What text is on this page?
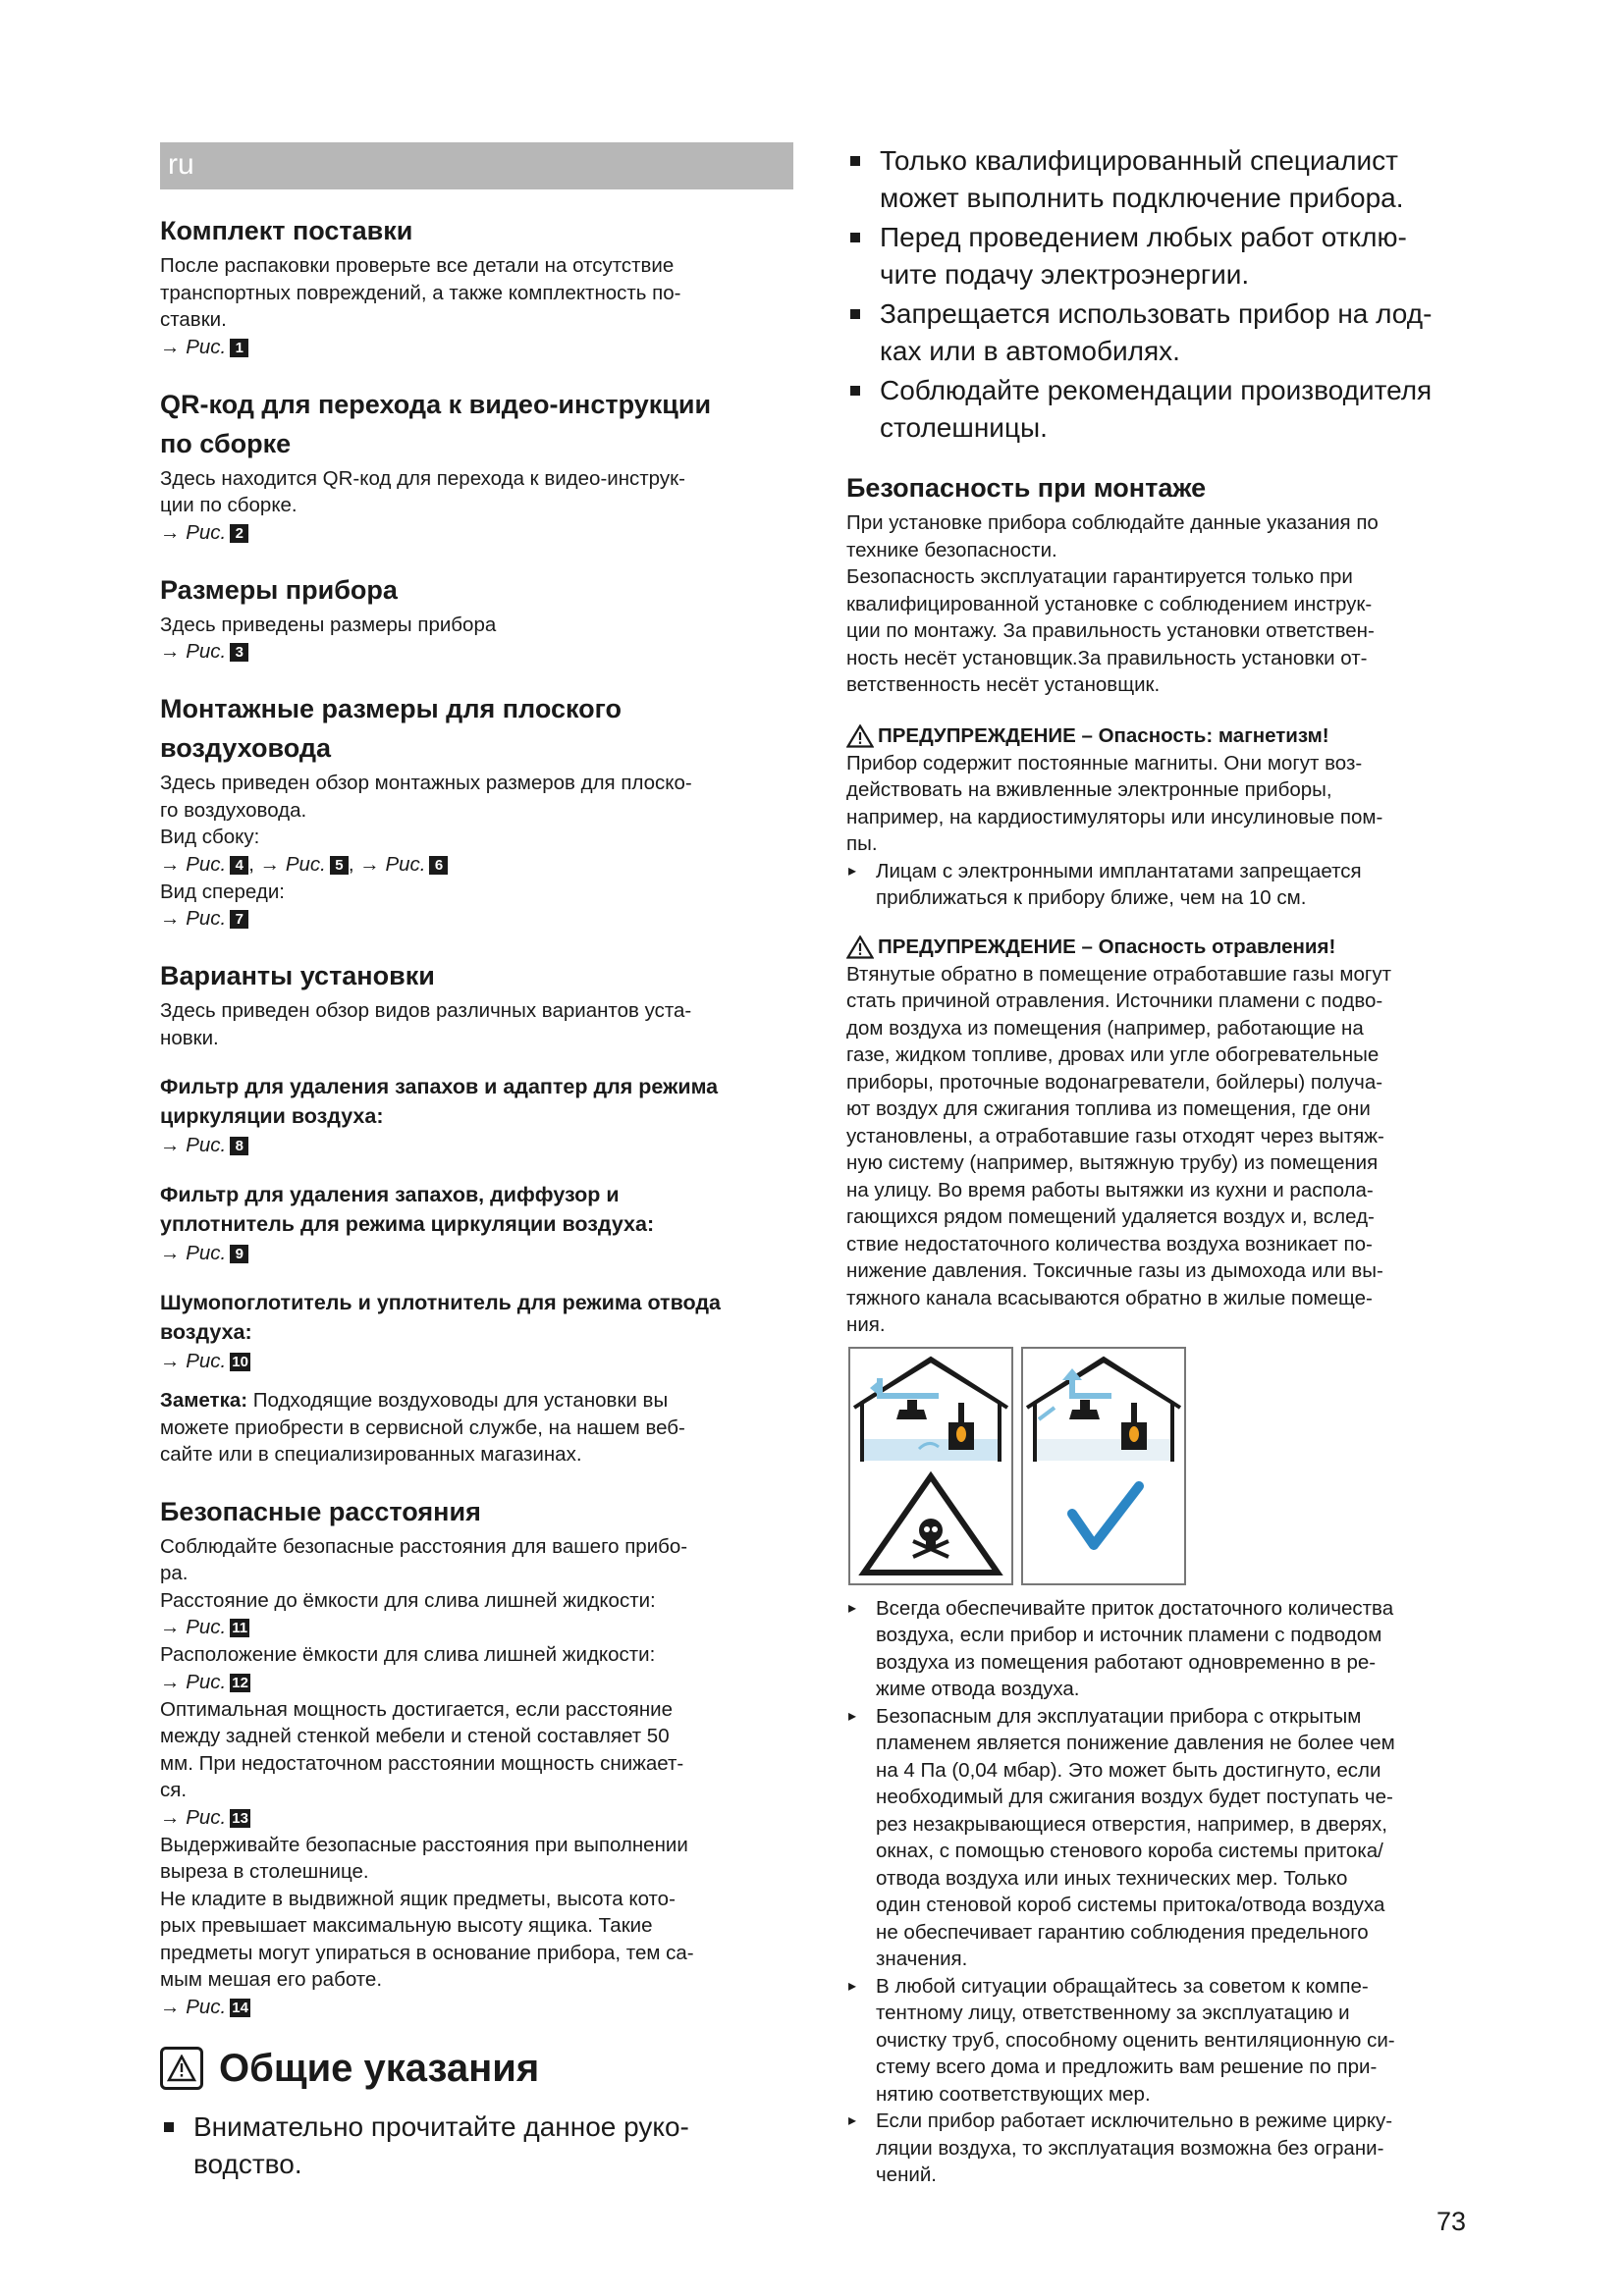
ru
Комплект поставки

После распаковки проверьте все детали на отсутствие

транспортных повреждений, а также комплектность по-

ставки.

→ Рис. 1
QR-код для перехода к видео-инструкции
по сборке

Здесь находится QR-код для перехода к видео-инструк-

ции по сборке.

→ Рис. 2
Размеры прибора

Здесь приведены размеры прибора

→ Рис. 3
Монтажные размеры для плоского
воздуховода

Здесь приведен обзор монтажных размеров для плоско-

го воздуховода.

Вид сбоку:

→ Рис. 4 , → Рис. 5 , → Рис. 6

Вид спереди:

→ Рис. 7
Варианты установки

Здесь приведен обзор видов различных вариантов уста-

новки.

Фильтр для удаления запахов и адаптер для режима
циркуляции воздуха:
→ Рис. 8
Фильтр для удаления запахов, диффузор и
уплотнитель для режима циркуляции воздуха:
→ Рис. 9
Шумопоглотитель и уплотнитель для режима отвода
воздуха:
→ Рис. 10

Заметка: Подходящие воздуховоды для установки вы

можете приобрести в сервисной службе, на нашем веб-

сайте или в специализированных магазинах.

Безопасные расстояния

Соблюдайте безопасные расстояния для вашего прибо-

ра.

Расстояние до ёмкости для слива лишней жидкости:

→ Рис. 11

Расположение ёмкости для слива лишней жидкости:

→ Рис. 12

Оптимальная мощность достигается, если расстояние

между задней стенкой мебели и стеной составляет 50

мм. При недостаточном расстоянии мощность снижает-

ся.

→ Рис. 13

Выдерживайте безопасные расстояния при выполнении

выреза в столешнице.

Не кладите в выдвижной ящик предметы, высота кото-

рых превышает максимальную высоту ящика. Такие

предметы могут упираться в основание прибора, тем са-

мым мешая его работе.

→ Рис. 14
Общие указания
Внимательно прочитайте данное руко-
водство.
Только квалифицированный специалист
может выполнить подключение прибора.
Перед проведением любых работ отклю-
чите подачу электроэнергии.
Запрещается использовать прибор на лод-
ках или в автомобилях.
Соблюдайте рекомендации производителя
столешницы.
Безопасность при монтаже

При установке прибора соблюдайте данные указания по

технике безопасности.

Безопасность эксплуатации гарантируется только при

квалифицированной установке с соблюдением инструк-

ции по монтажу. За правильность установки ответствен-

ность несёт установщик.За правильность установки от-

ветственность несёт установщик.

ПРЕДУПРЕЖДЕНИЕ – Опасность: магнетизм!

Прибор содержит постоянные магниты. Они могут воз-

действовать на вживленные электронные приборы,

например, на кардиостимуляторы или инсулиновые пом-

пы.

▸ Лицам с электронными имплантатами запрещается
приближаться к прибору ближе, чем на 10 см.
ПРЕДУПРЕЖДЕНИЕ – Опасность отравления!

Втянутые обратно в помещение отработавшие газы могут

стать причиной отравления. Источники пламени с подво-

дом воздуха из помещения (например, работающие на

газе, жидком топливе, дровах или угле обогревательные

приборы, проточные водонагреватели, бойлеры) получа-

ют воздух для сжигания топлива из помещения, где они

установлены, а отработавшие газы отходят через вытяж-

ную систему (например, вытяжную трубу) из помещения

на улицу. Во время работы вытяжки из кухни и распола-

гающихся рядом помещений удаляется воздух и, вслед-

ствие недостаточного количества воздуха возникает по-

нижение давления. Токсичные газы из дымохода или вы-

тяжного канала всасываются обратно в жилые помеще-

ния.

▸ Всегда обеспечивайте приток достаточного количества
воздуха, если прибор и источник пламени с подводом
воздуха из помещения работают одновременно в ре-
жиме отвода воздуха.
▸ Безопасным для эксплуатации прибора с открытым
пламенем является понижение давления не более чем
на 4 Па (0,04 мбар). Это может быть достигнуто, если
необходимый для сжигания воздух будет поступать че-
рез незакрывающиеся отверстия, например, в дверях,
окнах, с помощью стенового короба системы притока/
отвода воздуха или иных технических мер. Только
один стеновой короб системы притока/отвода воздуха
не обеспечивает гарантию соблюдения предельного
значения.
▸ В любой ситуации обращайтесь за советом к компе-
тентному лицу, ответственному за эксплуатацию и
очистку труб, способному оценить вентиляционную си-
стему всего дома и предложить вам решение по при-
нятию соответствующих мер.
▸ Если прибор работает исключительно в режиме цирку-
ляции воздуха, то эксплуатация возможна без ограни-
чений.
73
